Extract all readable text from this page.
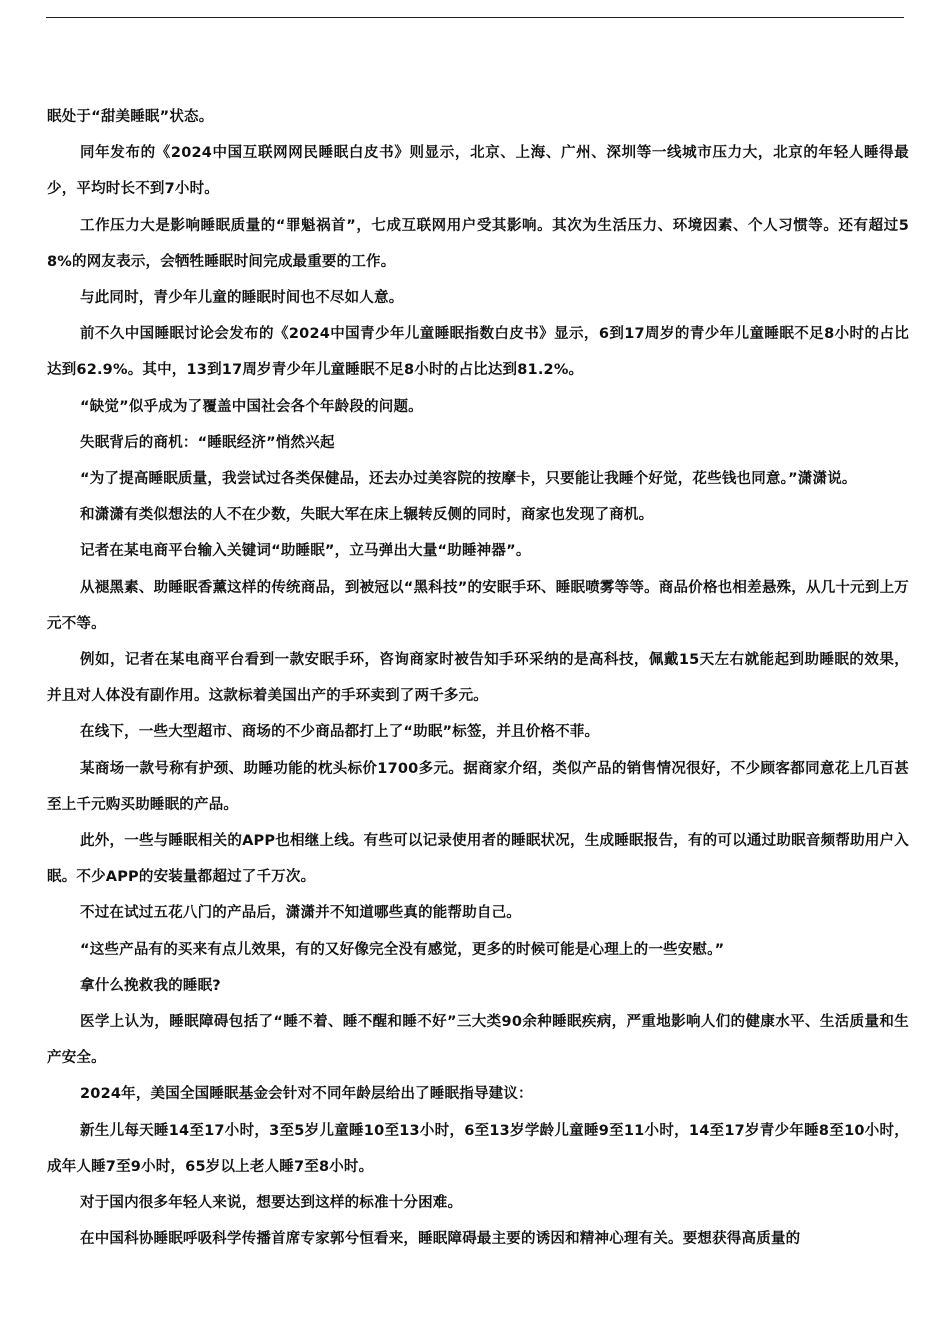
眠处于“甜美睡眠”状态。

同年发布的《2024中国互联网网民睡眠白皮书》则显示，北京、上海、广州、深圳等一线城市压力大，北京的年轻人睡得最少，平均时长不到7小时。

工作压力大是影响睡眠质量的“罪魁祸首”，七成互联网用户受其影响。其次为生活压力、环境因素、个人习惯等。还有超过58%的网友表示，会牺牲睡眠时间完成最重要的工作。

与此同时，青少年儿童的睡眠时间也不尽如人意。

前不久中国睡眠讨论会发布的《2024中国青少年儿童睡眠指数白皮书》显示，6到17周岁的青少年儿童睡眠不足8小时的占比达到62.9%。其中，13到17周岁青少年儿童睡眠不足8小时的占比达到81.2%。

“缺觉”似乎成为了覆盖中国社会各个年龄段的问题。

失眠背后的商机：“睡眠经济”悄然兴起

“为了提高睡眠质量，我尝试过各类保健品，还去办过美容院的按摩卡，只要能让我睡个好觉，花些钱也同意。”潇潇说。

和潇潇有类似想法的人不在少数，失眠大军在床上辗转反侧的同时，商家也发现了商机。

记者在某电商平台输入关键词“助睡眠”，立马弹出大量“助睡神器”。

从褪黑素、助睡眠香薰这样的传统商品，到被冠以“黑科技”的安眠手环、睡眠喷雾等等。商品价格也相差悬殊，从几十元到上万元不等。

例如，记者在某电商平台看到一款安眠手环，咨询商家时被告知手环采纳的是高科技，佩戴15天左右就能起到助睡眠的效果，并且对人体没有副作用。这款标着美国出产的手环卖到了两千多元。

在线下，一些大型超市、商场的不少商品都打上了“助眠”标签，并且价格不菲。

某商场一款号称有护颈、助睡功能的枕头标价1700多元。据商家介绍，类似产品的销售情况很好，不少顾客都同意花上几百甚至上千元购买助睡眠的产品。

此外，一些与睡眠相关的APP也相继上线。有些可以记录使用者的睡眠状况，生成睡眠报告，有的可以通过助眠音频帮助用户入眠。不少APP的安装量都超过了千万次。

不过在试过五花八门的产品后，潇潇并不知道哪些真的能帮助自己。

“这些产品有的买来有点儿效果，有的又好像完全没有感觉，更多的时候可能是心理上的一些安慰。”

拿什么挽救我的睡眠?

医学上认为，睡眠障碍包括了“睡不着、睡不醒和睡不好”三大类90余种睡眠疾病，严重地影响人们的健康水平、生活质量和生产安全。

2024年，美国全国睡眠基金会针对不同年龄层给出了睡眠指导建议：

新生儿每天睡14至17小时，3至5岁儿童睡10至13小时，6至13岁学龄儿童睡9至11小时，14至17岁青少年睡8至10小时，成年人睡7至9小时，65岁以上老人睡7至8小时。

对于国内很多年轻人来说，想要达到这样的标准十分困难。

在中国科协睡眠呼吸科学传播首席专家郭兮恒看来，睡眠障碍最主要的诱因和精神心理有关。要想获得高质量的
